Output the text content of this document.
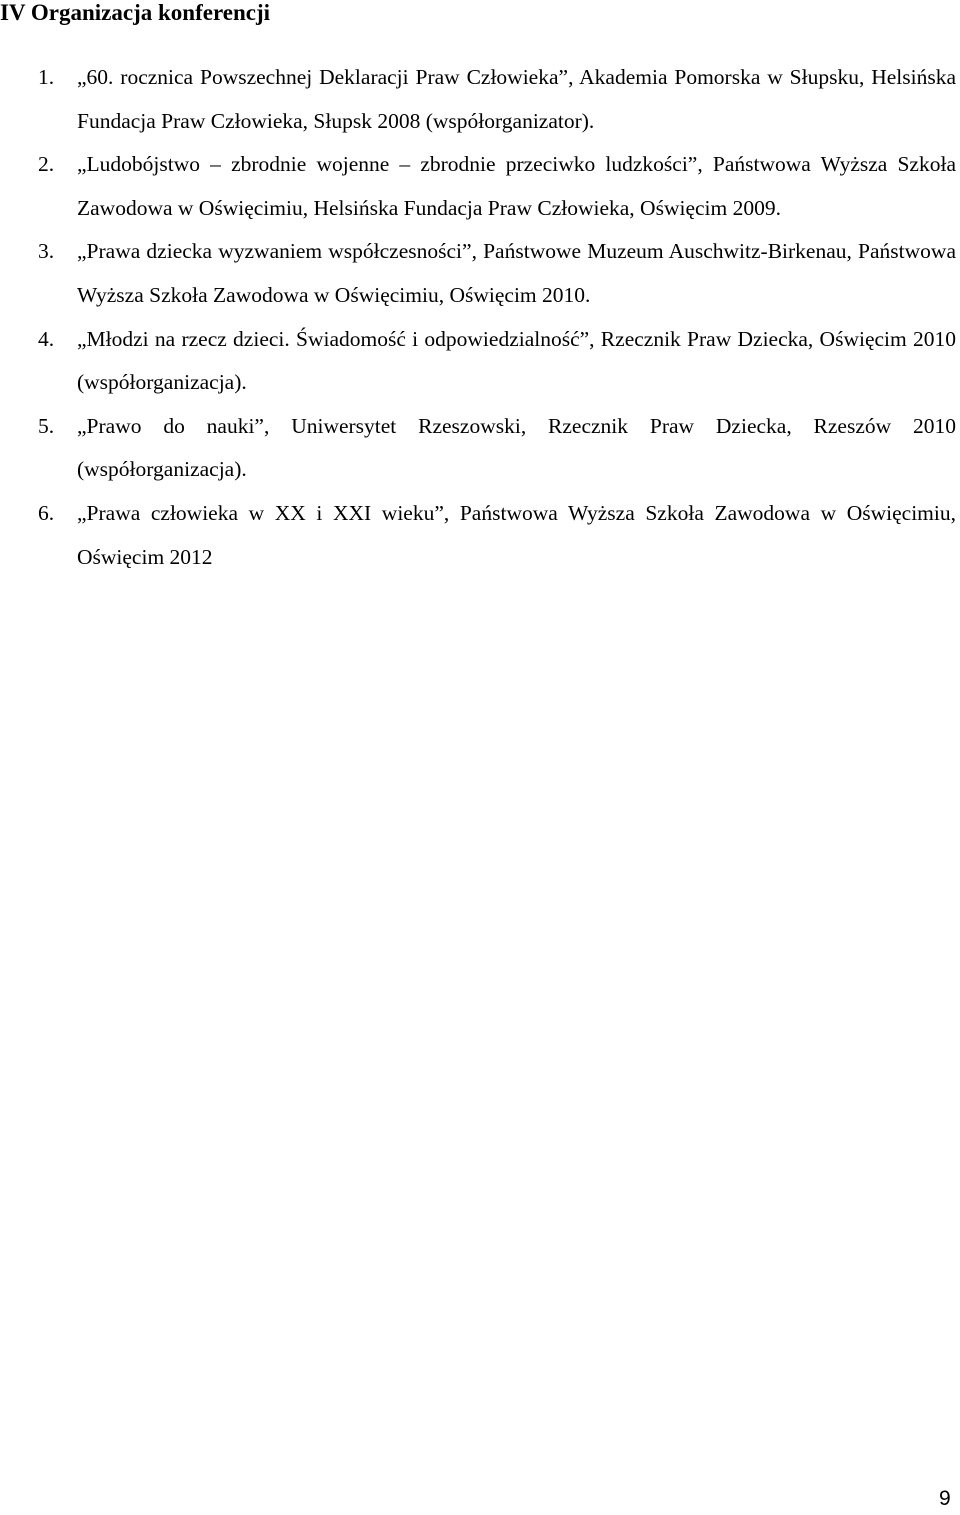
IV Organizacja konferencji
1. „60. rocznica Powszechnej Deklaracji Praw Człowieka”, Akademia Pomorska w Słupsku, Helsińska Fundacja Praw Człowieka, Słupsk 2008 (współorganizator).
2. „Ludobójstwo – zbrodnie wojenne – zbrodnie przeciwko ludzkości”, Państwowa Wyższa Szkoła Zawodowa w Oświęcimiu, Helsińska Fundacja Praw Człowieka, Oświęcim 2009.
3. „Prawa dziecka wyzwaniem współczesności”, Państwowe Muzeum Auschwitz-Birkenau, Państwowa Wyższa Szkoła Zawodowa w Oświęcimiu, Oświęcim 2010.
4. „Młodzi na rzecz dzieci. Świadomość i odpowiedzialność”, Rzecznik Praw Dziecka, Oświęcim 2010 (współorganizacja).
5. „Prawo do nauki”, Uniwersytet Rzeszowski, Rzecznik Praw Dziecka, Rzeszów 2010 (współorganizacja).
6. „Prawa człowieka w XX i XXI wieku”, Państwowa Wyższa Szkoła Zawodowa w Oświęcimiu, Oświęcim 2012
9
